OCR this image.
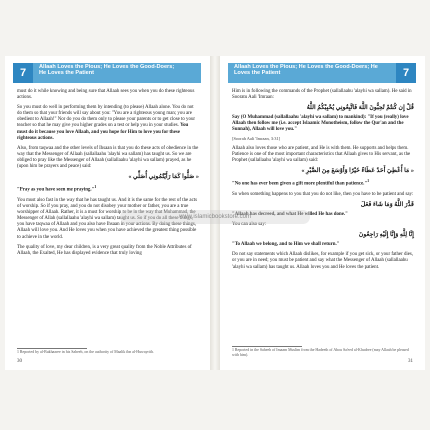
7	Allaah Loves the Pious; He Loves the Good-Doers; He Loves the Patient

must do it while knowing and being sure that Allaah sees you when you do these righteous actions.

So you must do well in performing them by intending (to please) Allaah alone. You do not do them so that your friends will say about you: "You are a righteous young man; you are obedient to Allaah!" Nor do you do them only to please your parents or to get close to your teacher so that he may give you higher grades on a test or help you in your studies. You must do it because you love Allaah, and you hope for Him to love you for these righteous actions.

Also, from taqwaa and the other levels of Ihsaan is that you do these acts of obedience in the way that the Messenger of Allaah (sallallaahu 'alayhi wa sallam) has taught us. So we are obliged to pray like the Messenger of Allaah (sallallaahu 'alayhi wa sallam) prayed, as he (upon him be prayers and peace) said:

« صَلُّوا كَمَا رَأَيْتُمُونِي أُصَلِّي »
"Pray as you have seen me praying."$^1$

You must also fast in the way that he has taught us. And it is the same for the rest of the acts of worship. So if you pray, and you do not disobey your mother or father, you are a true worshipper of Allaah. Rather, it is a must for worship to be in the way that Muhammad, the Messenger of Allah (sallallaahu 'alayhi wa sallam) taught us. So if you do all these things, you have taqwaa of Allaah and you also have Ihsaan in your actions. By doing these things, Allaah will love you. And He loves you when you have achieved the greatest thing possible to achieve in the world.

The quality of love, my dear children, is a very great quality from the Noble Attributes of Allaah, the Exalted, He has displayed evidence that truly loving

1 Reported by al-Bukhaaree in his Saheeh, on the authority of Maalik ibn al-Huwayrith.
30
Allaah Loves the Pious; He Loves the Good-Doers; He Loves the Patient	7

Him is in following the commands of the Prophet (sallallaahu 'alayhi wa sallam). He said in Sooratu Aali 'Imraan:

قُلْ إِن كُنتُمْ تُحِبُّونَ اللَّهَ فَاتَّبِعُونِي يُحْبِبْكُمُ اللَّهُ
Say (O Muhammad (sallallaahu 'alayhi wa sallam) to mankind): "If you (really) love Allaah then follow me (i.e. accept Islaamic Monotheism, follow the Qur'an and the Sunnah), Allaah will love you."
[Soorah Aali 'Imraan, 3:31]

Allaah also loves those who are patient, and He is with them. He supports and helps them. Patience is one of the most important characteristics that Allaah gives to His servant, as the Prophet (sallallaahu 'alayhi wa sallam) said:

« مَا أُعْطِيَ أَحَدٌ عَطَاءً خَيْرًا وَأَوْسَعَ مِنَ الصَّبْرِ »
"No one has ever been given a gift more plentiful than patience."$^1$

So when something happens to you that you do not like, then you have to be patient and say:

قَدَّرَ اللَّهُ وَمَا شَاءَ فَعَلَ
"Allaah has decreed, and what He willed He has done."

You can also say:

إِنَّا لِلَّهِ وَإِنَّا إِلَيْهِ رَاجِعُونَ
"To Allaah we belong, and to Him we shall return."

Do not say statements which Allaah dislikes, for example if you get sick, or your father dies, or you are in need; you must be patient and say what the Messenger of Allaah (sallallaahu 'alayhi wa sallam) has taught us. Allaah loves you and He loves the patient.

1 Reported in the Saheeh of Imaam Muslim from the Hadeeth of Abou Sa'eed al-Khudree (may Allaah be pleased with him).
31
www.islamicbookstore.com
